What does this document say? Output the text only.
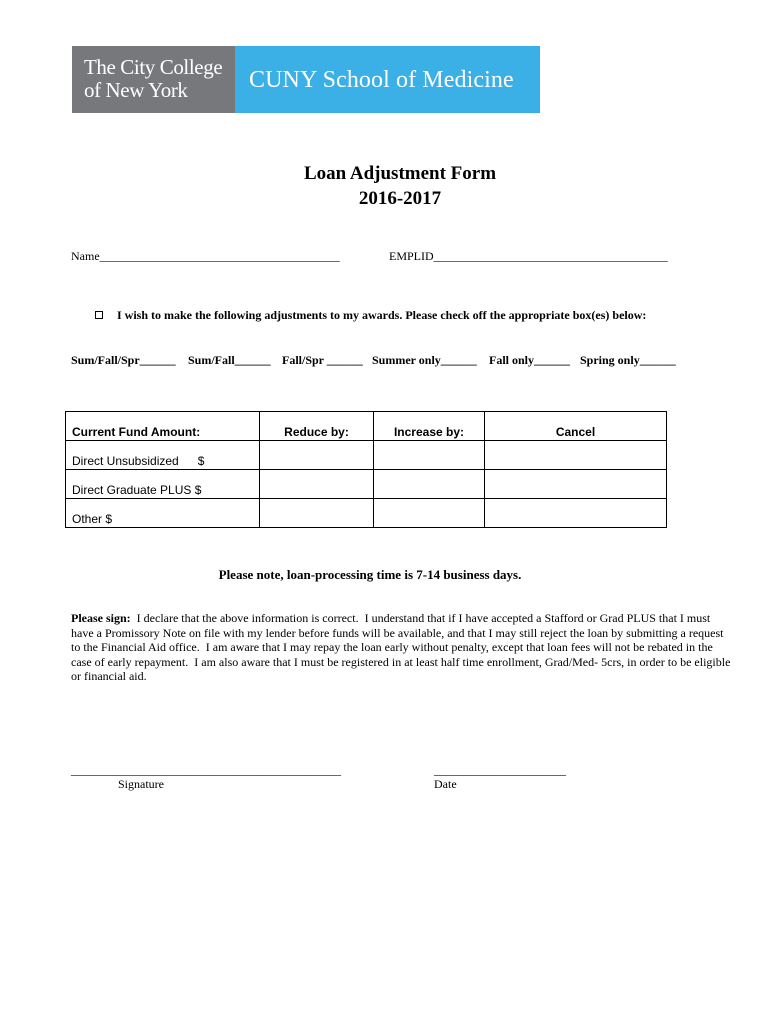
The City College
of New York	CUNY School of Medicine
Loan Adjustment Form
2016-2017
Name________________________________________	EMPLID_______________________________________
I wish to make the following adjustments to my awards. Please check off the appropriate box(es) below:
Sum/Fall/Spr______ Sum/Fall______ Fall/Spr ______ Summer only______ Fall only______ Spring only______
Current Fund Amount:	Reduce by:	Increase by:	Cancel
Direct Unsubsidized $			
Direct Graduate PLUS $			
Other $			
Please note, loan-processing time is 7-14 business days.
Please sign:  I declare that the above information is correct.  I understand that if I have accepted a Stafford or Grad PLUS that I must have a Promissory Note on file with my lender before funds will be available, and that I may still reject the loan by submitting a request to the Financial Aid office.  I am aware that I may repay the loan early without penalty, except that loan fees will not be rebated in the case of early repayment.  I am also aware that I must be registered in at least half time enrollment, Grad/Med- 5crs, in order to be eligible or financial aid.
_____________________________________________
Signature
______________________
Date
